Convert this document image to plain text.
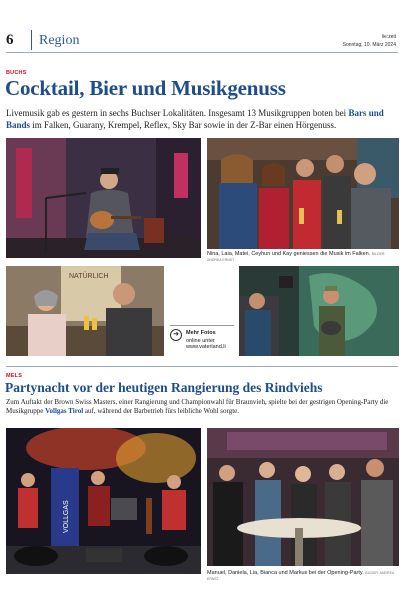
6 Region	lie:zeit
Sonntag, 10. März 2024
BUCHS
Cocktail, Bier und Musikgenuss
Livemusik gab es gestern in sechs Buchser Lokalitäten. Insgesamt 13 Musikgruppen boten bei Bars und Bands im Falken, Guarany, Krempel, Reflex, Sky Bar sowie in der Z-Bar einen Hörgenuss.
Nina, Laia, Matei, Ceyhun und Kay geniessen die Musik im Falken. BILDER: ANDREA ERNST
NATÜRLICH
➔	Mehr Fotos
online unter
www.vaterland.li
MELS
Partynacht vor der heutigen Rangierung des Rindviehs
Zum Auftakt der Brown Swiss Masters, einer Rangierung und Championwahl für Braunvieh, spielte bei der gestrigen Opening-Party die Musikgruppe Vollgas Tirol auf, während der Barbetrieb fürs leibliche Wohl sorgte.
VOLLGAS
Manuel, Daniela, Lia, Bianca und Markus bei der Opening-Party. BILDER: ANDREA ERNST
